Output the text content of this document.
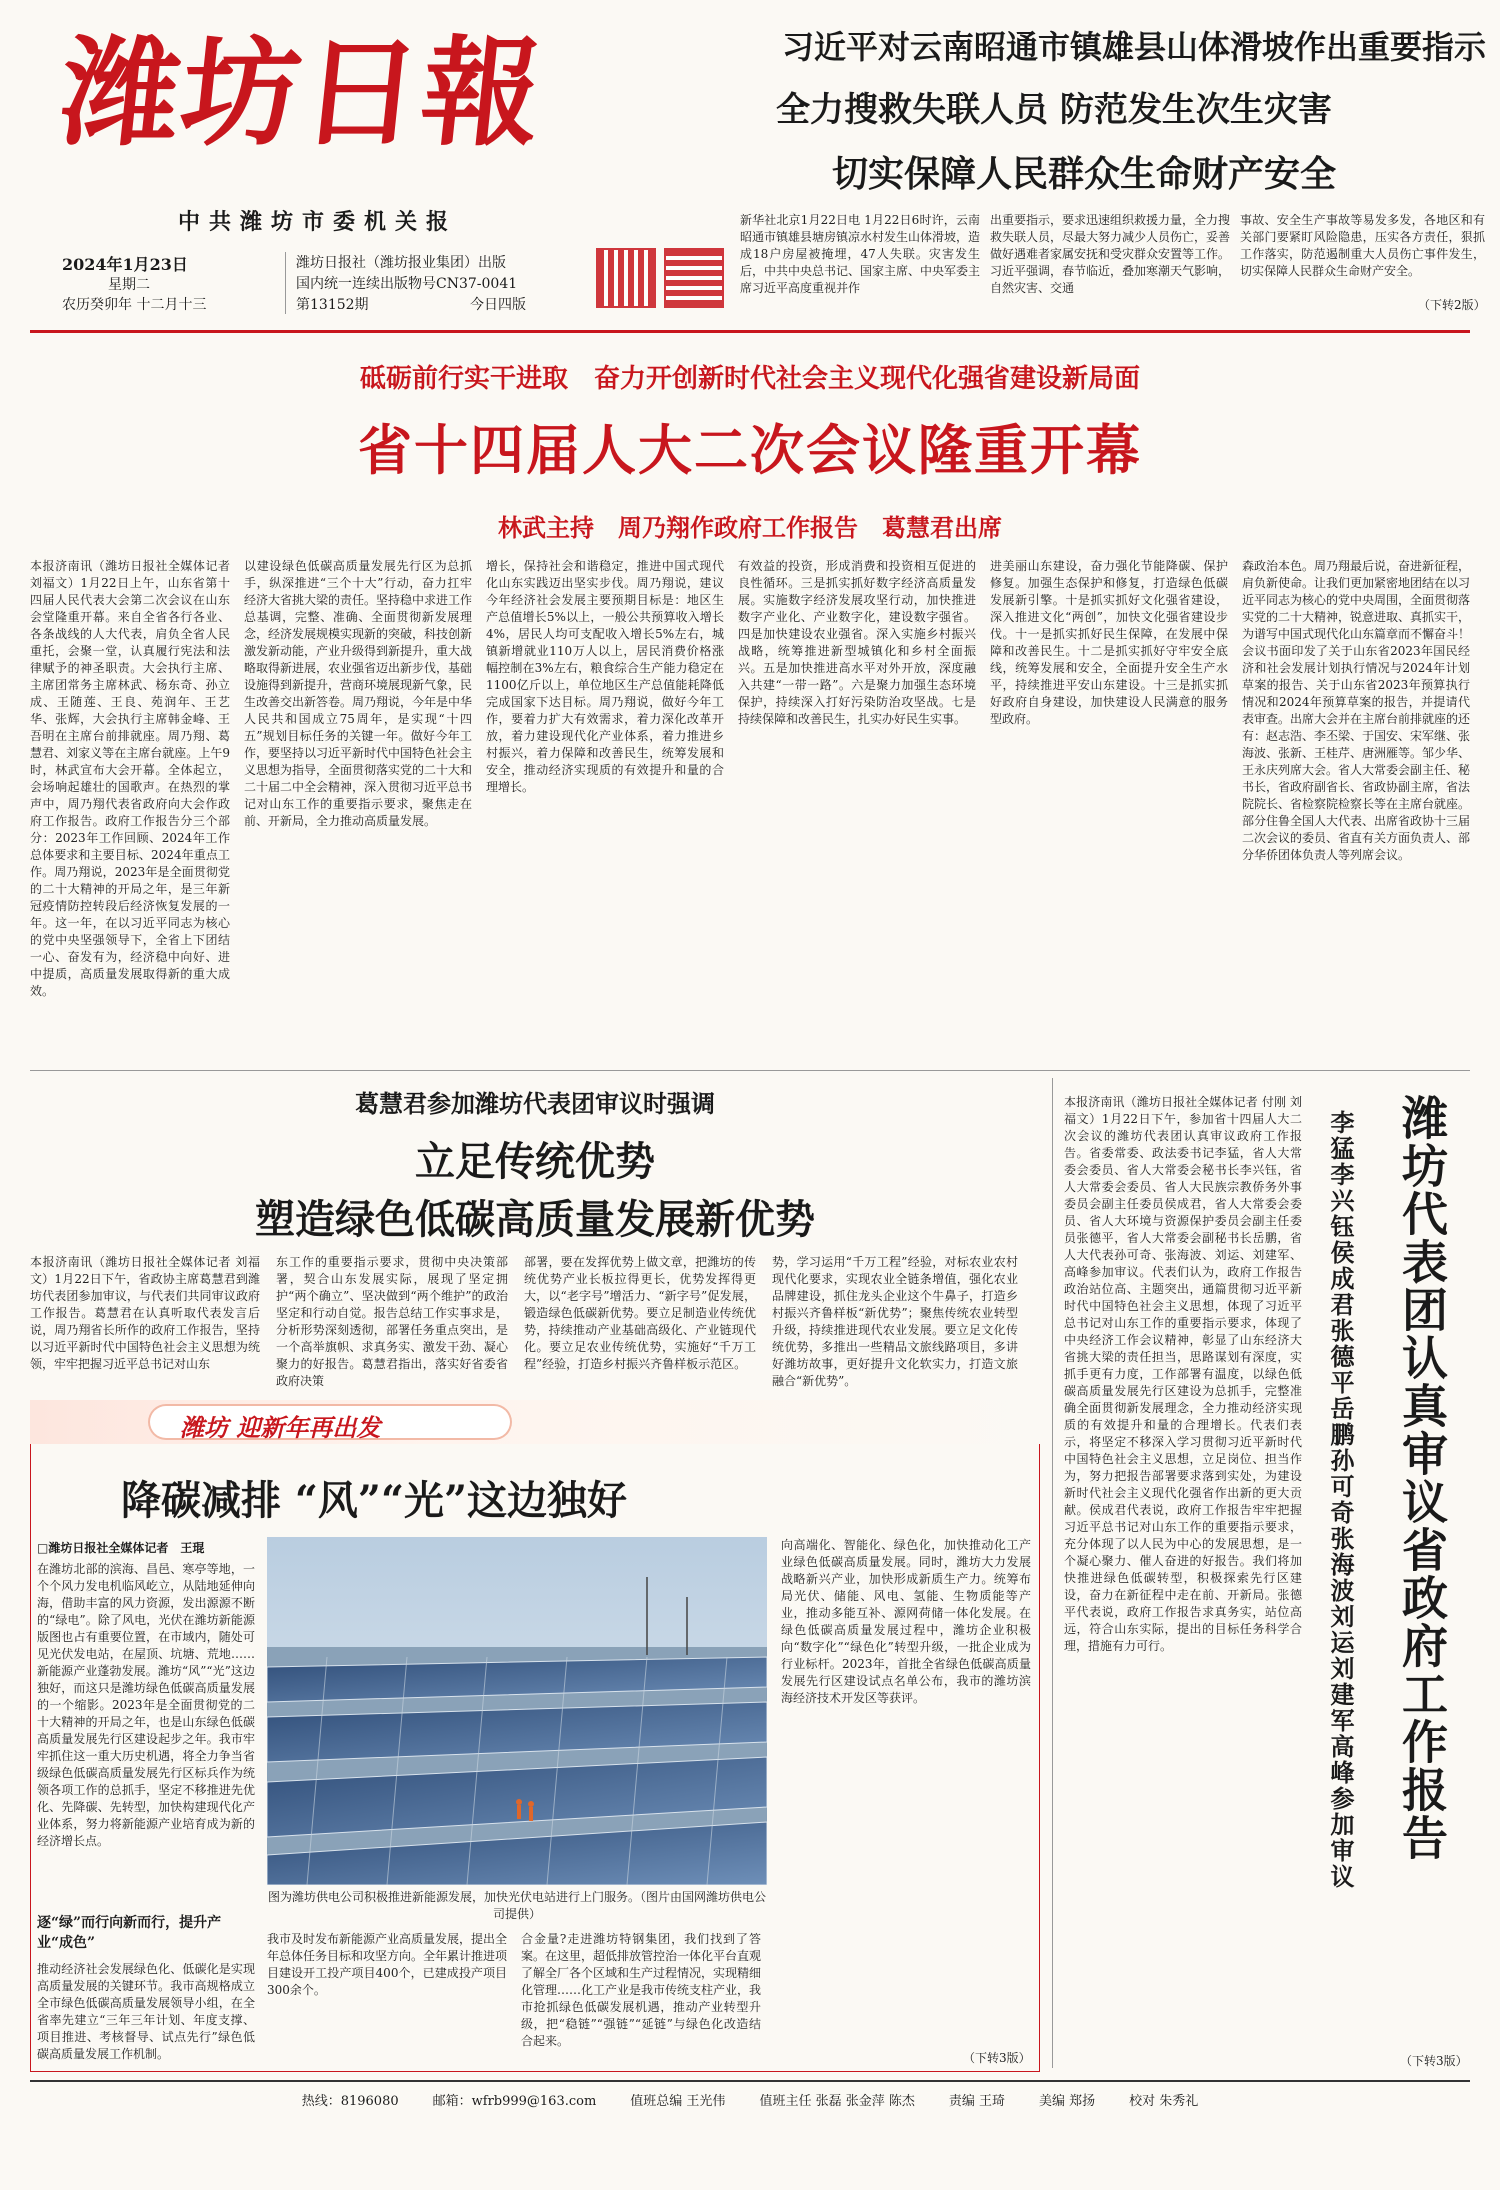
潍坊日報
中共潍坊市委机关报
2024年1月23日
星期二
农历癸卯年 十二月十三
潍坊日报社（潍坊报业集团）出版
国内统一连续出版物号CN37-0041
第13152期	今日四版
习近平对云南昭通市镇雄县山体滑坡作出重要指示
全力搜救失联人员 防范发生次生灾害
切实保障人民群众生命财产安全
新华社北京1月22日电 1月22日6时许，云南昭通市镇雄县塘房镇凉水村发生山体滑坡，造成18户房屋被掩埋，47人失联。灾害发生后，中共中央总书记、国家主席、中央军委主席习近平高度重视并作
出重要指示，要求迅速组织救援力量，全力搜救失联人员，尽最大努力减少人员伤亡，妥善做好遇难者家属安抚和受灾群众安置等工作。习近平强调，春节临近，叠加寒潮天气影响，自然灾害、交通
事故、安全生产事故等易发多发，各地区和有关部门要紧盯风险隐患，压实各方责任，狠抓工作落实，防范遏制重大人员伤亡事件发生，切实保障人民群众生命财产安全。
（下转2版）
砥砺前行实干进取　奋力开创新时代社会主义现代化强省建设新局面
省十四届人大二次会议隆重开幕
林武主持　周乃翔作政府工作报告　葛慧君出席
本报济南讯（潍坊日报社全媒体记者 刘福文）1月22日上午，山东省第十四届人民代表大会第二次会议在山东会堂隆重开幕。来自全省各行各业、各条战线的人大代表，肩负全省人民重托，会聚一堂，认真履行宪法和法律赋予的神圣职责。大会执行主席、主席团常务主席林武、杨东奇、孙立成、王随莲、王良、苑润年、王艺华、张辉，大会执行主席韩金峰、王吾明在主席台前排就座。周乃翔、葛慧君、刘家义等在主席台就座。上午9时，林武宣布大会开幕。全体起立，会场响起雄壮的国歌声。在热烈的掌声中，周乃翔代表省政府向大会作政府工作报告。政府工作报告分三个部分：2023年工作回顾、2024年工作总体要求和主要目标、2024年重点工作。周乃翔说，2023年是全面贯彻党的二十大精神的开局之年，是三年新冠疫情防控转段后经济恢复发展的一年。这一年，在以习近平同志为核心的党中央坚强领导下，全省上下团结一心、奋发有为，经济稳中向好、进中提质，高质量发展取得新的重大成效。
以建设绿色低碳高质量发展先行区为总抓手，纵深推进“三个十大”行动，奋力扛牢经济大省挑大梁的责任。坚持稳中求进工作总基调，完整、准确、全面贯彻新发展理念，经济发展规模实现新的突破，科技创新激发新动能，产业升级得到新提升，重大战略取得新进展，农业强省迈出新步伐，基础设施得到新提升，营商环境展现新气象，民生改善交出新答卷。周乃翔说，今年是中华人民共和国成立75周年，是实现“十四五”规划目标任务的关键一年。做好今年工作，要坚持以习近平新时代中国特色社会主义思想为指导，全面贯彻落实党的二十大和二十届二中全会精神，深入贯彻习近平总书记对山东工作的重要指示要求，聚焦走在前、开新局，全力推动高质量发展。
增长，保持社会和谐稳定，推进中国式现代化山东实践迈出坚实步伐。周乃翔说，建议今年经济社会发展主要预期目标是：地区生产总值增长5%以上，一般公共预算收入增长4%，居民人均可支配收入增长5%左右，城镇新增就业110万人以上，居民消费价格涨幅控制在3%左右，粮食综合生产能力稳定在1100亿斤以上，单位地区生产总值能耗降低完成国家下达目标。周乃翔说，做好今年工作，要着力扩大有效需求，着力深化改革开放，着力建设现代化产业体系，着力推进乡村振兴，着力保障和改善民生，统筹发展和安全，推动经济实现质的有效提升和量的合理增长。
有效益的投资，形成消费和投资相互促进的良性循环。三是抓实抓好数字经济高质量发展。实施数字经济发展攻坚行动，加快推进数字产业化、产业数字化，建设数字强省。四是加快建设农业强省。深入实施乡村振兴战略，统筹推进新型城镇化和乡村全面振兴。五是加快推进高水平对外开放，深度融入共建“一带一路”。六是聚力加强生态环境保护，持续深入打好污染防治攻坚战。七是持续保障和改善民生，扎实办好民生实事。
进美丽山东建设，奋力强化节能降碳、保护修复。加强生态保护和修复，打造绿色低碳发展新引擎。十是抓实抓好文化强省建设，深入推进文化“两创”，加快文化强省建设步伐。十一是抓实抓好民生保障，在发展中保障和改善民生。十二是抓实抓好守牢安全底线，统筹发展和安全，全面提升安全生产水平，持续推进平安山东建设。十三是抓实抓好政府自身建设，加快建设人民满意的服务型政府。
森政治本色。周乃翔最后说，奋进新征程，肩负新使命。让我们更加紧密地团结在以习近平同志为核心的党中央周围，全面贯彻落实党的二十大精神，锐意进取、真抓实干，为谱写中国式现代化山东篇章而不懈奋斗！会议书面印发了关于山东省2023年国民经济和社会发展计划执行情况与2024年计划草案的报告、关于山东省2023年预算执行情况和2024年预算草案的报告，并提请代表审查。出席大会并在主席台前排就座的还有：赵志浩、李丕梁、于国安、宋军继、张海波、张新、王桂芹、唐洲雁等。邹少华、王永庆列席大会。省人大常委会副主任、秘书长，省政府副省长、省政协副主席，省法院院长、省检察院检察长等在主席台就座。部分住鲁全国人大代表、出席省政协十三届二次会议的委员、省直有关方面负责人、部分华侨团体负责人等列席会议。
葛慧君参加潍坊代表团审议时强调
立足传统优势
塑造绿色低碳高质量发展新优势
本报济南讯（潍坊日报社全媒体记者 刘福文）1月22日下午，省政协主席葛慧君到潍坊代表团参加审议，与代表们共同审议政府工作报告。葛慧君在认真听取代表发言后说，周乃翔省长所作的政府工作报告，坚持以习近平新时代中国特色社会主义思想为统领，牢牢把握习近平总书记对山东
东工作的重要指示要求，贯彻中央决策部署，契合山东发展实际，展现了坚定拥护“两个确立”、坚决做到“两个维护”的政治坚定和行动自觉。报告总结工作实事求是，分析形势深刻透彻，部署任务重点突出，是一个高举旗帜、求真务实、激发干劲、凝心聚力的好报告。葛慧君指出，落实好省委省政府决策
部署，要在发挥优势上做文章，把潍坊的传统优势产业长板拉得更长，优势发挥得更大，以“老字号”增活力、“新字号”促发展，锻造绿色低碳新优势。要立足制造业传统优势，持续推动产业基础高级化、产业链现代化。要立足农业传统优势，实施好“千万工程”经验，打造乡村振兴齐鲁样板示范区。
势，学习运用“千万工程”经验，对标农业农村现代化要求，实现农业全链条增值，强化农业品牌建设，抓住龙头企业这个牛鼻子，打造乡村振兴齐鲁样板“新优势”；聚焦传统农业转型升级，持续推进现代农业发展。要立足文化传统优势，多推出一些精品文旅线路项目，多讲好潍坊故事，更好提升文化软实力，打造文旅融合“新优势”。
潍坊 迎新年再出发
降碳减排 “风”“光”这边独好
□潍坊日报社全媒体记者　王琨
在潍坊北部的滨海、昌邑、寒亭等地，一个个风力发电机临风屹立，从陆地延伸向海，借助丰富的风力资源，发出源源不断的“绿电”。除了风电，光伏在潍坊新能源版图也占有重要位置，在市域内，随处可见光伏发电站，在屋顶、坑塘、荒地……新能源产业蓬勃发展。潍坊“风”“光”这边独好，而这只是潍坊绿色低碳高质量发展的一个缩影。2023年是全面贯彻党的二十大精神的开局之年，也是山东绿色低碳高质量发展先行区建设起步之年。我市牢牢抓住这一重大历史机遇，将全力争当省级绿色低碳高质量发展先行区标兵作为统领各项工作的总抓手，坚定不移推进先优化、先降碳、先转型，加快构建现代化产业体系，努力将新能源产业培育成为新的经济增长点。
逐“绿”而行向新而行，提升产业“成色”
推动经济社会发展绿色化、低碳化是实现高质量发展的关键环节。我市高规格成立全市绿色低碳高质量发展领导小组，在全省率先建立“三年三年计划、年度支撑、项目推进、考核督导、试点先行”绿色低碳高质量发展工作机制。
图为潍坊供电公司积极推进新能源发展，加快光伏电站进行上门服务。（图片由国网潍坊供电公司提供）
我市及时发布新能源产业高质量发展，提出全年总体任务目标和攻坚方向。全年累计推进项目建设开工投产项目400个，已建成投产项目300余个。
合金量?走进潍坊特钢集团，我们找到了答案。在这里，超低排放管控治一体化平台直观了解全厂各个区域和生产过程情况，实现精细化管理……化工产业是我市传统支柱产业，我市抢抓绿色低碳发展机遇，推动产业转型升级，把“稳链”“强链”“延链”与绿色化改造结合起来。
向高端化、智能化、绿色化，加快推动化工产业绿色低碳高质量发展。同时，潍坊大力发展战略新兴产业，加快形成新质生产力。统筹布局光伏、储能、风电、氢能、生物质能等产业，推动多能互补、源网荷储一体化发展。在绿色低碳高质量发展过程中，潍坊企业积极向“数字化”“绿色化”转型升级，一批企业成为行业标杆。2023年，首批全省绿色低碳高质量发展先行区建设试点名单公布，我市的潍坊滨海经济技术开发区等获评。
（下转3版）
本报济南讯（潍坊日报社全媒体记者 付刚 刘福文）1月22日下午，参加省十四届人大二次会议的潍坊代表团认真审议政府工作报告。省委常委、政法委书记李猛，省人大常委会委员、省人大常委会秘书长李兴钰，省人大常委会委员、省人大民族宗教侨务外事委员会副主任委员侯成君，省人大常委会委员、省人大环境与资源保护委员会副主任委员张德平，省人大常委会副秘书长岳鹏，省人大代表孙可奇、张海波、刘运、刘建军、高峰参加审议。代表们认为，政府工作报告政治站位高、主题突出，通篇贯彻习近平新时代中国特色社会主义思想，体现了习近平总书记对山东工作的重要指示要求，体现了中央经济工作会议精神，彰显了山东经济大省挑大梁的责任担当，思路谋划有深度，实抓手更有力度，工作部署有温度，以绿色低碳高质量发展先行区建设为总抓手，完整准确全面贯彻新发展理念，全力推动经济实现质的有效提升和量的合理增长。代表们表示，将坚定不移深入学习贯彻习近平新时代中国特色社会主义思想，立足岗位、担当作为，努力把报告部署要求落到实处，为建设新时代社会主义现代化强省作出新的更大贡献。侯成君代表说，政府工作报告牢牢把握习近平总书记对山东工作的重要指示要求，充分体现了以人民为中心的发展思想，是一个凝心聚力、催人奋进的好报告。我们将加快推进绿色低碳转型，积极探索先行区建设，奋力在新征程中走在前、开新局。张德平代表说，政府工作报告求真务实，站位高远，符合山东实际，提出的目标任务科学合理，措施有力可行。	李猛李兴钰侯成君张德平岳鹏孙可奇张海波刘运刘建军高峰参加审议 潍坊代表团认真审议省政府工作报告
（下转3版）
热线：8196080	邮箱：wfrb999@163.com	值班总编 王光伟	值班主任 张磊 张金萍 陈杰	责编 王琦	美编 郑扬	校对 朱秀礼
